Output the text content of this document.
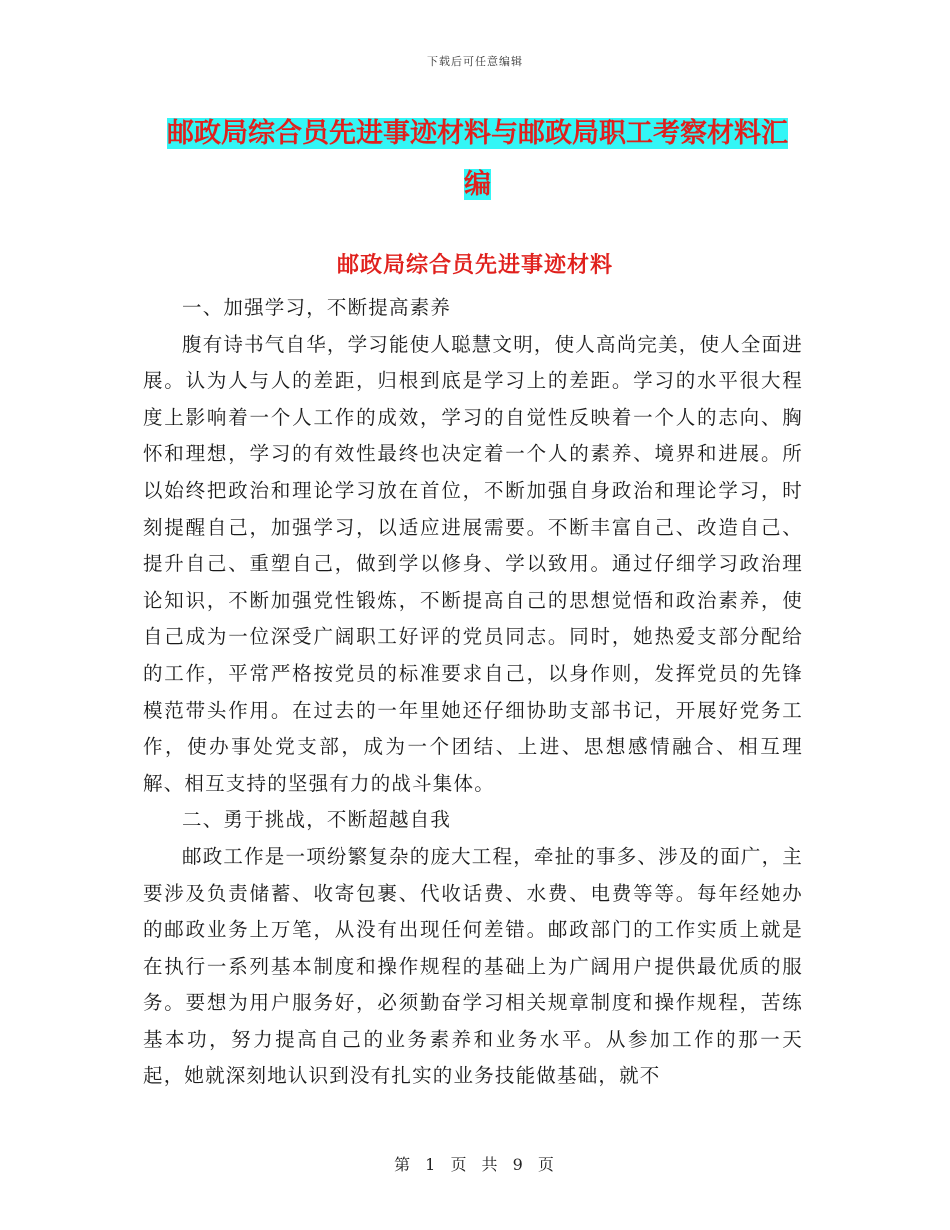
下载后可任意编辑
邮政局综合员先进事迹材料与邮政局职工考察材料汇
编
邮政局综合员先进事迹材料

一、加强学习，不断提高素养

腹有诗书气自华，学习能使人聪慧文明，使人高尚完美，使人全面进展。认为人与人的差距，归根到底是学习上的差距。学习的水平很大程度上影响着一个人工作的成效，学习的自觉性反映着一个人的志向、胸怀和理想，学习的有效性最终也决定着一个人的素养、境界和进展。所以始终把政治和理论学习放在首位，不断加强自身政治和理论学习，时刻提醒自己，加强学习，以适应进展需要。不断丰富自己、改造自己、提升自己、重塑自己，做到学以修身、学以致用。通过仔细学习政治理论知识，不断加强党性锻炼，不断提高自己的思想觉悟和政治素养，使自己成为一位深受广阔职工好评的党员同志。同时，她热爱支部分配给的工作，平常严格按党员的标准要求自己，以身作则，发挥党员的先锋模范带头作用。在过去的一年里她还仔细协助支部书记，开展好党务工作，使办事处党支部，成为一个团结、上进、思想感情融合、相互理解、相互支持的坚强有力的战斗集体。

二、勇于挑战，不断超越自我

邮政工作是一项纷繁复杂的庞大工程，牵扯的事多、涉及的面广，主要涉及负责储蓄、收寄包裹、代收话费、水费、电费等等。每年经她办的邮政业务上万笔，从没有出现任何差错。邮政部门的工作实质上就是在执行一系列基本制度和操作规程的基础上为广阔用户提供最优质的服务。要想为用户服务好，必须勤奋学习相关规章制度和操作规程，苦练基本功，努力提高自己的业务素养和业务水平。从参加工作的那一天起，她就深刻地认识到没有扎实的业务技能做基础，就不

第 1 页 共 9 页
